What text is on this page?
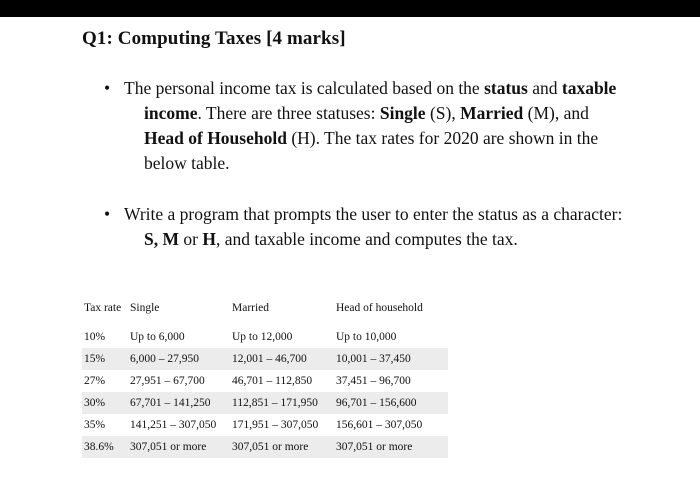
Q1: Computing Taxes [4 marks]
• The personal income tax is calculated based on the status and taxable income. There are three statuses: Single (S), Married (M), and Head of Household (H). The tax rates for 2020 are shown in the below table.
• Write a program that prompts the user to enter the status as a character: S, M or H, and taxable income and computes the tax.
Tax rate	Single	Married	Head of household

10%	Up to 6,000	Up to 12,000	Up to 10,000
15%	6,000 – 27,950	12,001 – 46,700	10,001 – 37,450
27%	27,951 – 67,700	46,701 – 112,850	37,451 – 96,700
30%	67,701 – 141,250	112,851 – 171,950	96,701 – 156,600
35%	141,251 – 307,050	171,951 – 307,050	156,601 – 307,050
38.6%	307,051 or more	307,051 or more	307,051 or more
